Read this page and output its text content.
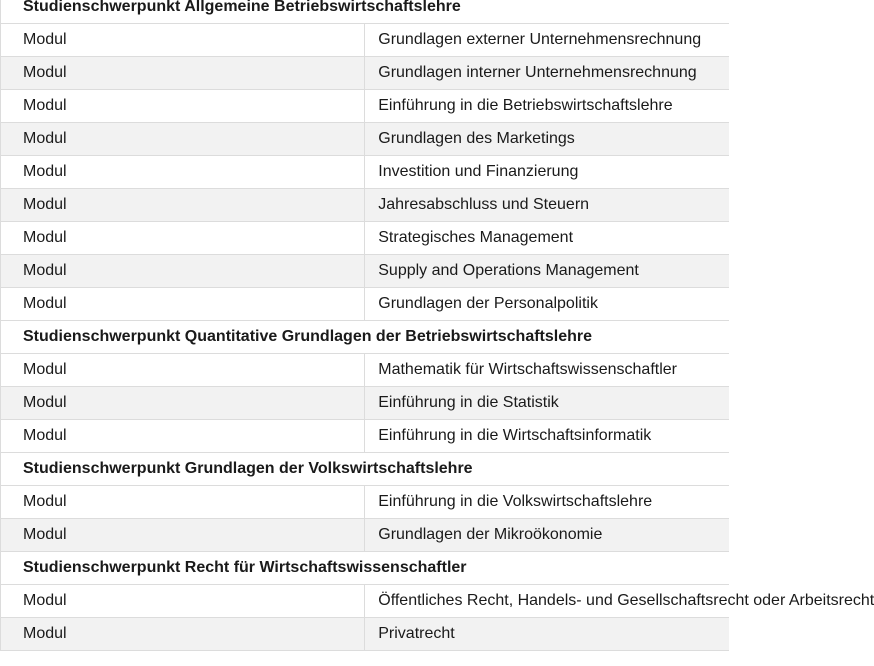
Studienschwerpunkt Allgemeine Betriebswirtschaftslehre	
Modul	Grundlagen externer Unternehmensrechnung
Modul	Grundlagen interner Unternehmensrechnung
Modul	Einführung in die Betriebswirtschaftslehre
Modul	Grundlagen des Marketings
Modul	Investition und Finanzierung
Modul	Jahresabschluss und Steuern
Modul	Strategisches Management
Modul	Supply and Operations Management
Modul	Grundlagen der Personalpolitik
Studienschwerpunkt Quantitative Grundlagen der Betriebswirtschaftslehre	
Modul	Mathematik für Wirtschaftswissenschaftler
Modul	Einführung in die Statistik
Modul	Einführung in die Wirtschaftsinformatik
Studienschwerpunkt Grundlagen der Volkswirtschaftslehre	
Modul	Einführung in die Volkswirtschaftslehre
Modul	Grundlagen der Mikroökonomie
Studienschwerpunkt Recht für Wirtschaftswissenschaftler	
Modul	Öffentliches Recht, Handels- und Gesellschaftsrecht oder Arbeitsrecht
Modul	Privatrecht
